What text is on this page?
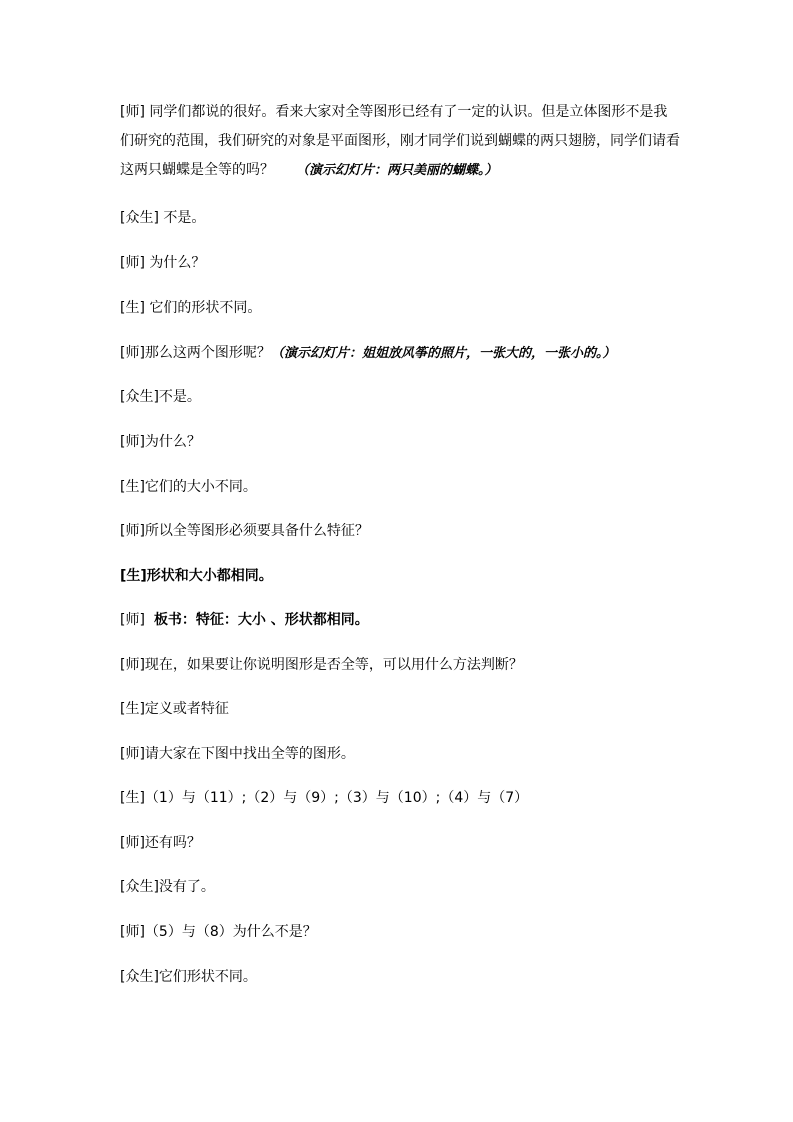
[师] 同学们都说的很好。看来大家对全等图形已经有了一定的认识。但是立体图形不是我
们研究的范围，我们研究的对象是平面图形，刚才同学们说到蝴蝶的两只翅膀，同学们请看
这两只蝴蝶是全等的吗？ （演示幻灯片：两只美丽的蝴蝶。）

[众生] 不是。

[师] 为什么？

[生] 它们的形状不同。

[师]那么这两个图形呢？（演示幻灯片：姐姐放风筝的照片，一张大的，一张小的。）

[众生]不是。

[师]为什么？

[生]它们的大小不同。

[师]所以全等图形必须要具备什么特征？

[生]形状和大小都相同。

[师] 板书：特征：大小 、形状都相同。

[师]现在，如果要让你说明图形是否全等，可以用什么方法判断？

[生]定义或者特征

[师]请大家在下图中找出全等的图形。

[生]（1）与（11）;（2）与（9）;（3）与（10）;（4）与（7）

[师]还有吗？

[众生]没有了。

[师]（5）与（8）为什么不是？

[众生]它们形状不同。
